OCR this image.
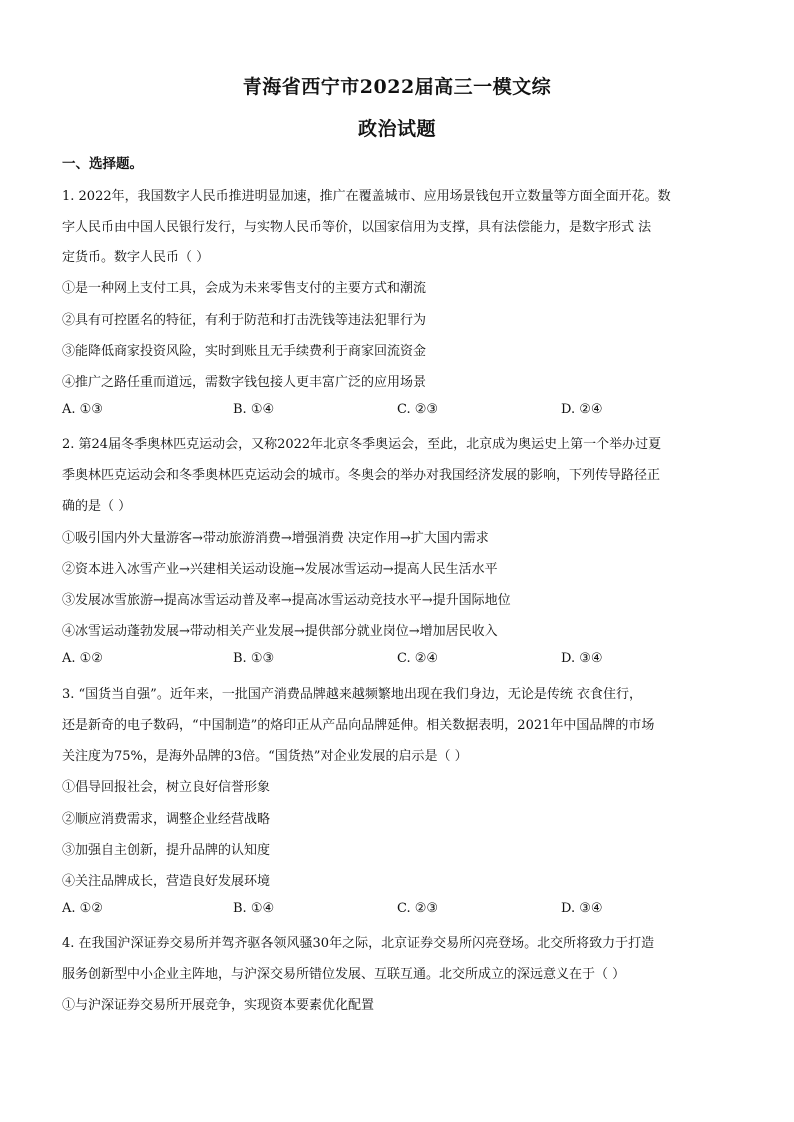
青海省西宁市2022届高三一模文综
政治试题
一、选择题。
1. 2022年，我国数字人民币推进明显加速，推广在覆盖城市、应用场景钱包开立数量等方面全面开花。数
字人民币由中国人民银行发行，与实物人民币等价，以国家信用为支撑，具有法偿能力，是数字形式 法
定货币。数字人民币（ ）
①是一种网上支付工具，会成为未来零售支付的主要方式和潮流
②具有可控匿名的特征，有利于防范和打击洗钱等违法犯罪行为
③能降低商家投资风险，实时到账且无手续费利于商家回流资金
④推广之路任重而道远，需数字钱包接人更丰富广泛的应用场景
A. ①③	B. ①④	C. ②③	D. ②④
2. 第24届冬季奥林匹克运动会，又称2022年北京冬季奥运会，至此，北京成为奥运史上第一个举办过夏
季奥林匹克运动会和冬季奥林匹克运动会的城市。冬奥会的举办对我国经济发展的影响，下列传导路径正
确的是（ ）
①吸引国内外大量游客→带动旅游消费→增强消费 决定作用→扩大国内需求
②资本进入冰雪产业→兴建相关运动设施→发展冰雪运动→提高人民生活水平
③发展冰雪旅游→提高冰雪运动普及率→提高冰雪运动竞技水平→提升国际地位
④冰雪运动蓬勃发展→带动相关产业发展→提供部分就业岗位→增加居民收入
A. ①②	B. ①③	C. ②④	D. ③④
3. “国货当自强”。近年来，一批国产消费品牌越来越频繁地出现在我们身边，无论是传统 衣食住行，
还是新奇的电子数码，“中国制造”的烙印正从产品向品牌延伸。相关数据表明，2021年中国品牌的市场
关注度为75%，是海外品牌的3倍。“国货热”对企业发展的启示是（ ）
①倡导回报社会，树立良好信誉形象
②顺应消费需求，调整企业经营战略
③加强自主创新，提升品牌的认知度
④关注品牌成长，营造良好发展环境
A. ①②	B. ①④	C. ②③	D. ③④
4. 在我国沪深证券交易所并驾齐驱各领风骚30年之际，北京证券交易所闪亮登场。北交所将致力于打造
服务创新型中小企业主阵地，与沪深交易所错位发展、互联互通。北交所成立的深远意义在于（ ）
①与沪深证券交易所开展竞争，实现资本要素优化配置
